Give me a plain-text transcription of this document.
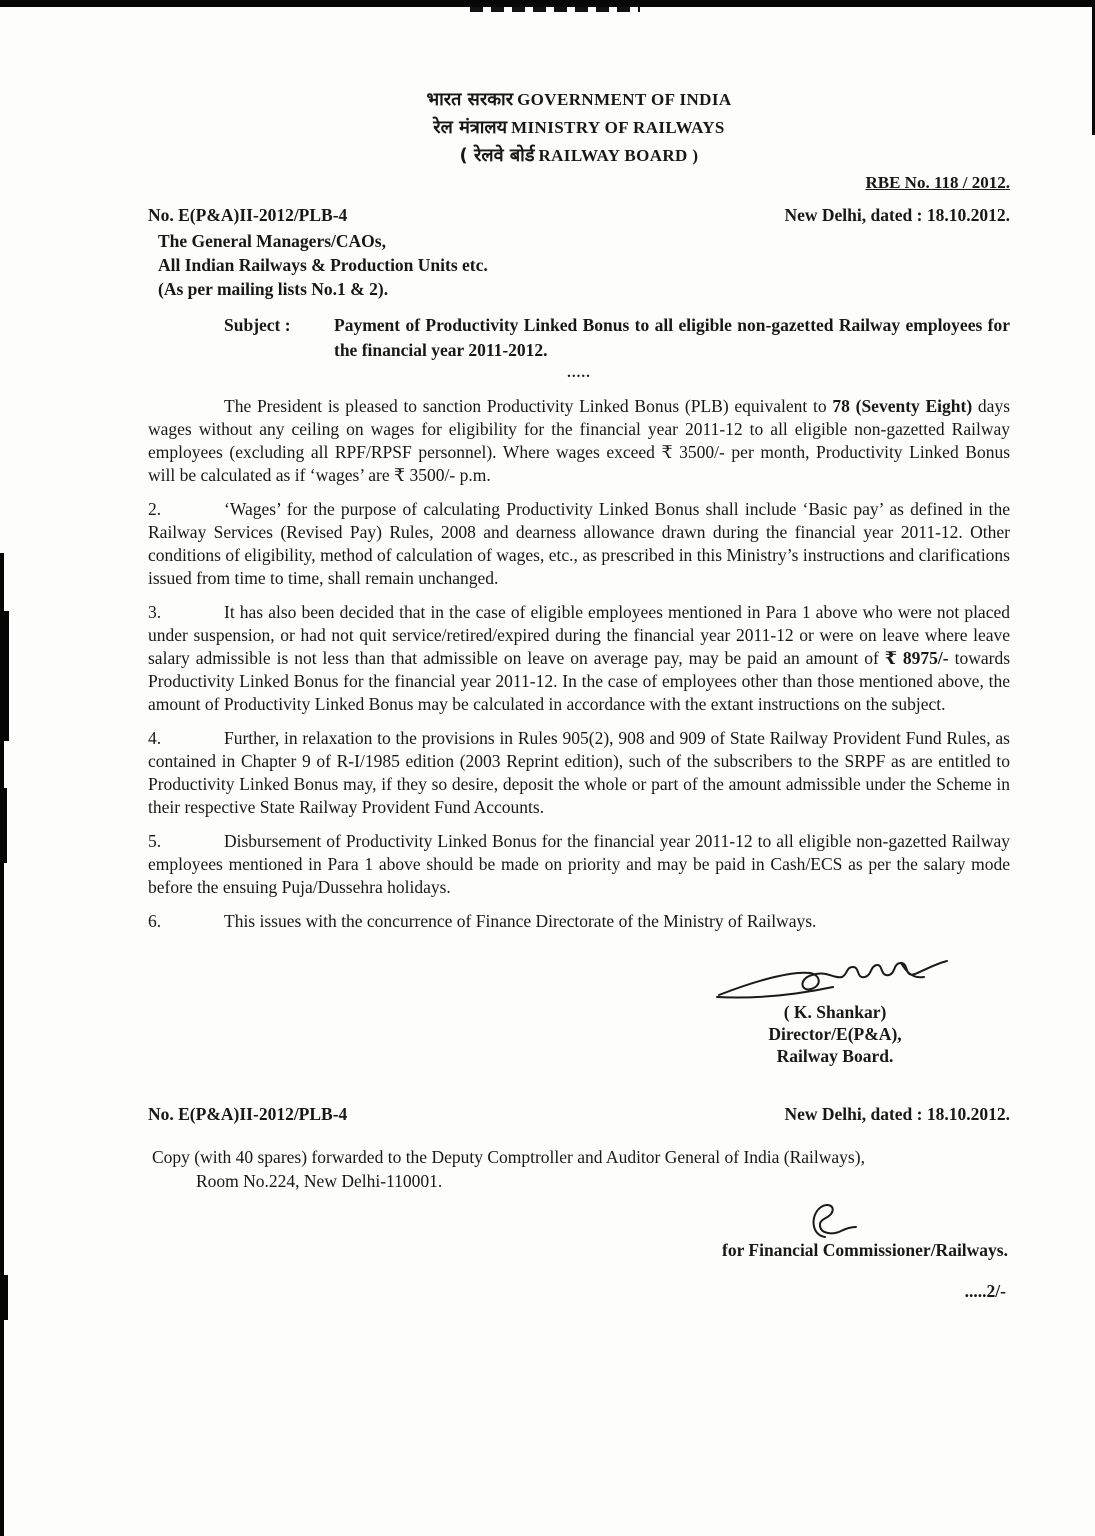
भारत सरकार GOVERNMENT OF INDIA
रेल मंत्रालय MINISTRY OF RAILWAYS
( रेलवे बोर्ड RAILWAY BOARD )
RBE No. 118 / 2012.
No. E(P&A)II-2012/PLB-4	New Delhi, dated : 18.10.2012.
The General Managers/CAOs,
All Indian Railways & Production Units etc.
(As per mailing lists No.1 & 2).
Subject :	Payment of Productivity Linked Bonus to all eligible non-gazetted Railway employees for the financial year 2011-2012.
.....
The President is pleased to sanction Productivity Linked Bonus (PLB) equivalent to 78 (Seventy Eight) days wages without any ceiling on wages for eligibility for the financial year 2011-12 to all eligible non-gazetted Railway employees (excluding all RPF/RPSF personnel). Where wages exceed ₹ 3500/- per month, Productivity Linked Bonus will be calculated as if ‘wages’ are ₹ 3500/- p.m.
2.	‘Wages’ for the purpose of calculating Productivity Linked Bonus shall include ‘Basic pay’ as defined in the Railway Services (Revised Pay) Rules, 2008 and dearness allowance drawn during the financial year 2011-12. Other conditions of eligibility, method of calculation of wages, etc., as prescribed in this Ministry’s instructions and clarifications issued from time to time, shall remain unchanged.
3.	It has also been decided that in the case of eligible employees mentioned in Para 1 above who were not placed under suspension, or had not quit service/retired/expired during the financial year 2011-12 or were on leave where leave salary admissible is not less than that admissible on leave on average pay, may be paid an amount of ₹ 8975/- towards Productivity Linked Bonus for the financial year 2011-12. In the case of employees other than those mentioned above, the amount of Productivity Linked Bonus may be calculated in accordance with the extant instructions on the subject.
4.	Further, in relaxation to the provisions in Rules 905(2), 908 and 909 of State Railway Provident Fund Rules, as contained in Chapter 9 of R-I/1985 edition (2003 Reprint edition), such of the subscribers to the SRPF as are entitled to Productivity Linked Bonus may, if they so desire, deposit the whole or part of the amount admissible under the Scheme in their respective State Railway Provident Fund Accounts.
5.	Disbursement of Productivity Linked Bonus for the financial year 2011-12 to all eligible non-gazetted Railway employees mentioned in Para 1 above should be made on priority and may be paid in Cash/ECS as per the salary mode before the ensuing Puja/Dussehra holidays.
6.	This issues with the concurrence of Finance Directorate of the Ministry of Railways.
( K. Shankar)
Director/E(P&A),
Railway Board.
No. E(P&A)II-2012/PLB-4	New Delhi, dated : 18.10.2012.
Copy (with 40 spares) forwarded to the Deputy Comptroller and Auditor General of India (Railways),
Room No.224, New Delhi-110001.
for Financial Commissioner/Railways.
.....2/-
